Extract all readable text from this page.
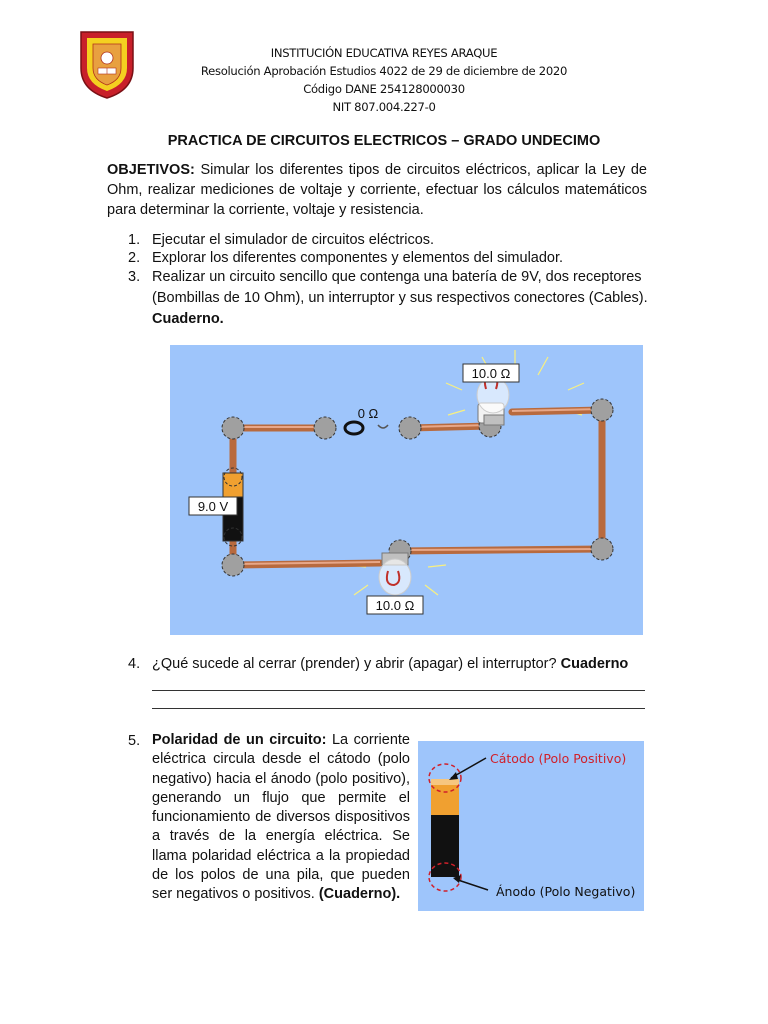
INSTITUCIÓN EDUCATIVA REYES ARAQUE
Resolución Aprobación Estudios 4022 de 29 de diciembre de 2020
Código DANE 254128000030
NIT 807.004.227-0
PRACTICA DE CIRCUITOS ELECTRICOS – GRADO UNDECIMO
OBJETIVOS: Simular los diferentes tipos de circuitos eléctricos, aplicar la Ley de Ohm, realizar mediciones de voltaje y corriente, efectuar los cálculos matemáticos para determinar la corriente, voltaje y resistencia.
1. Ejecutar el simulador de circuitos eléctricos.
2. Explorar los diferentes componentes y elementos del simulador.
3. Realizar un circuito sencillo que contenga una batería de 9V, dos receptores (Bombillas de 10 Ohm), un interruptor y sus respectivos conectores (Cables).
Cuaderno.
0 Ω
10.0 Ω
10.0 Ω
9.0 V
4. ¿Qué sucede al cerrar (prender) y abrir (apagar) el interruptor? Cuaderno
5. Polaridad de un circuito: La corriente eléctrica circula desde el cátodo (polo negativo) hacia el ánodo (polo positivo), generando un flujo que permite el funcionamiento de diversos dispositivos a través de la energía eléctrica. Se llama polaridad eléctrica a la propiedad de los polos de una pila, que pueden ser negativos o positivos. (Cuaderno).
Cátodo (Polo Positivo)
Ánodo (Polo Negativo)
